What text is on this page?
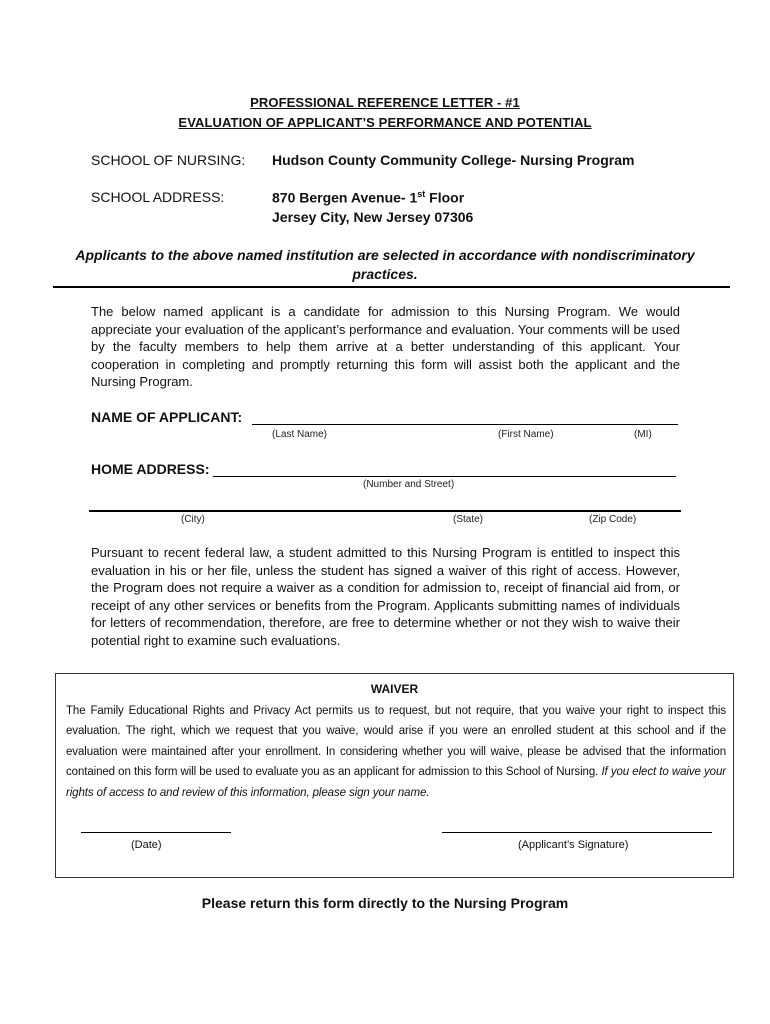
PROFESSIONAL REFERENCE LETTER - #1
EVALUATION OF APPLICANT’S PERFORMANCE AND POTENTIAL
SCHOOL OF NURSING: Hudson County Community College- Nursing Program
SCHOOL ADDRESS:	870 Bergen Avenue- 1st Floor
Jersey City, New Jersey 07306
Applicants to the above named institution are selected in accordance with nondiscriminatory practices.
The below named applicant is a candidate for admission to this Nursing Program. We would appreciate your evaluation of the applicant’s performance and evaluation. Your comments will be used by the faculty members to help them arrive at a better understanding of this applicant. Your cooperation in completing and promptly returning this form will assist both the applicant and the Nursing Program.
NAME OF APPLICANT:
(Last Name)	(First Name)	(MI)
HOME ADDRESS:
(Number and Street)
(City)	(State)	(Zip Code)
Pursuant to recent federal law, a student admitted to this Nursing Program is entitled to inspect this evaluation in his or her file, unless the student has signed a waiver of this right of access. However, the Program does not require a waiver as a condition for admission to, receipt of financial aid from, or receipt of any other services or benefits from the Program. Applicants submitting names of individuals for letters of recommendation, therefore, are free to determine whether or not they wish to waive their potential right to examine such evaluations.
WAIVER
The Family Educational Rights and Privacy Act permits us to request, but not require, that you waive your right to inspect this evaluation. The right, which we request that you waive, would arise if you were an enrolled student at this school and if the evaluation were maintained after your enrollment. In considering whether you will waive, please be advised that the information contained on this form will be used to evaluate you as an applicant for admission to this School of Nursing. If you elect to waive your rights of access to and review of this information, please sign your name.
(Date)	(Applicant’s Signature)
Please return this form directly to the Nursing Program
